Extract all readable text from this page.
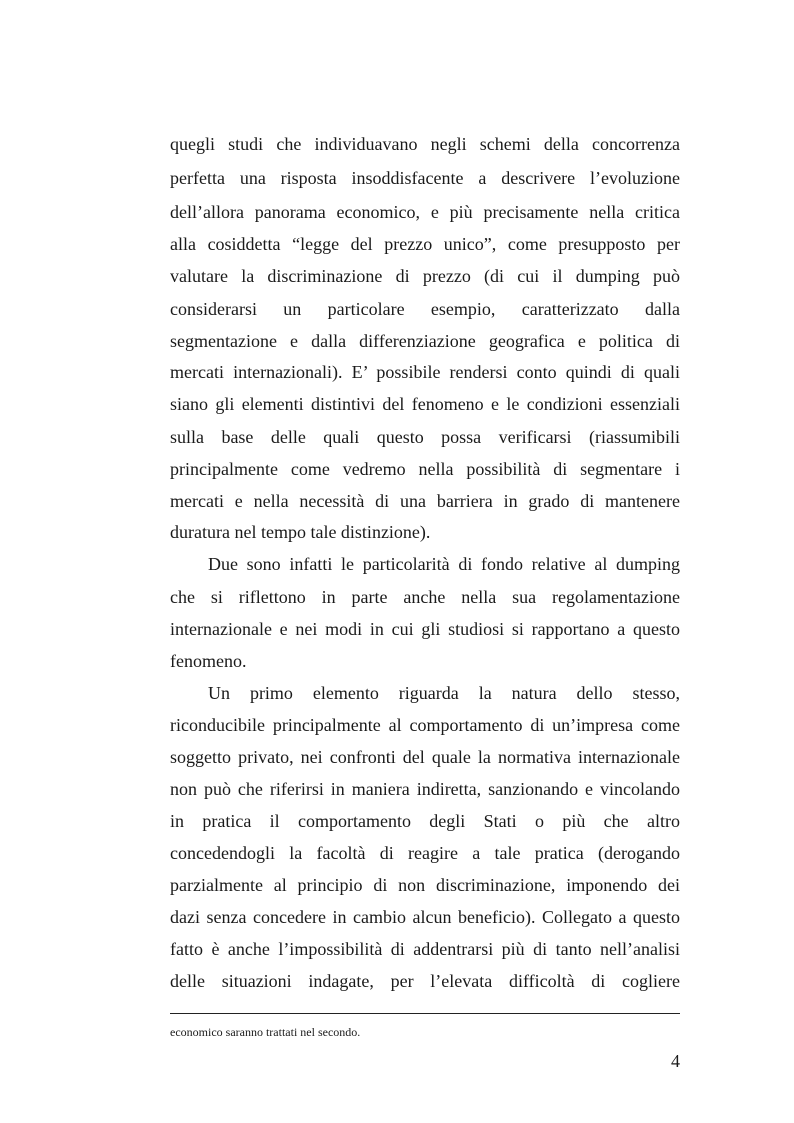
quegli studi che individuavano negli schemi della concorrenza
perfetta una risposta insoddisfacente a descrivere l’evoluzione
dell’allora panorama economico, e più precisamente nella critica
alla cosiddetta “legge del prezzo unico”, come presupposto per
valutare la discriminazione di prezzo (di cui il dumping può
considerarsi un particolare esempio, caratterizzato dalla
segmentazione e dalla differenziazione geografica e politica di
mercati internazionali). E’ possibile rendersi conto quindi di quali
siano gli elementi distintivi del fenomeno e le condizioni essenziali
sulla base delle quali questo possa verificarsi (riassumibili
principalmente come vedremo nella possibilità di segmentare i
mercati e nella necessità di una barriera in grado di mantenere
duratura nel tempo tale distinzione).
Due sono infatti le particolarità di fondo relative al dumping
che si riflettono in parte anche nella sua regolamentazione
internazionale e nei modi in cui gli studiosi si rapportano a questo
fenomeno.
Un primo elemento riguarda la natura dello stesso,
riconducibile principalmente al comportamento di un’impresa come
soggetto privato, nei confronti del quale la normativa internazionale
non può che riferirsi in maniera indiretta, sanzionando e vincolando
in pratica il comportamento degli Stati o più che altro
concedendogli la facoltà di reagire a tale pratica (derogando
parzialmente al principio di non discriminazione, imponendo dei
dazi senza concedere in cambio alcun beneficio). Collegato a questo
fatto è anche l’impossibilità di addentrarsi più di tanto nell’analisi
delle situazioni indagate, per l’elevata difficoltà di cogliere
economico saranno trattati nel secondo.
4
